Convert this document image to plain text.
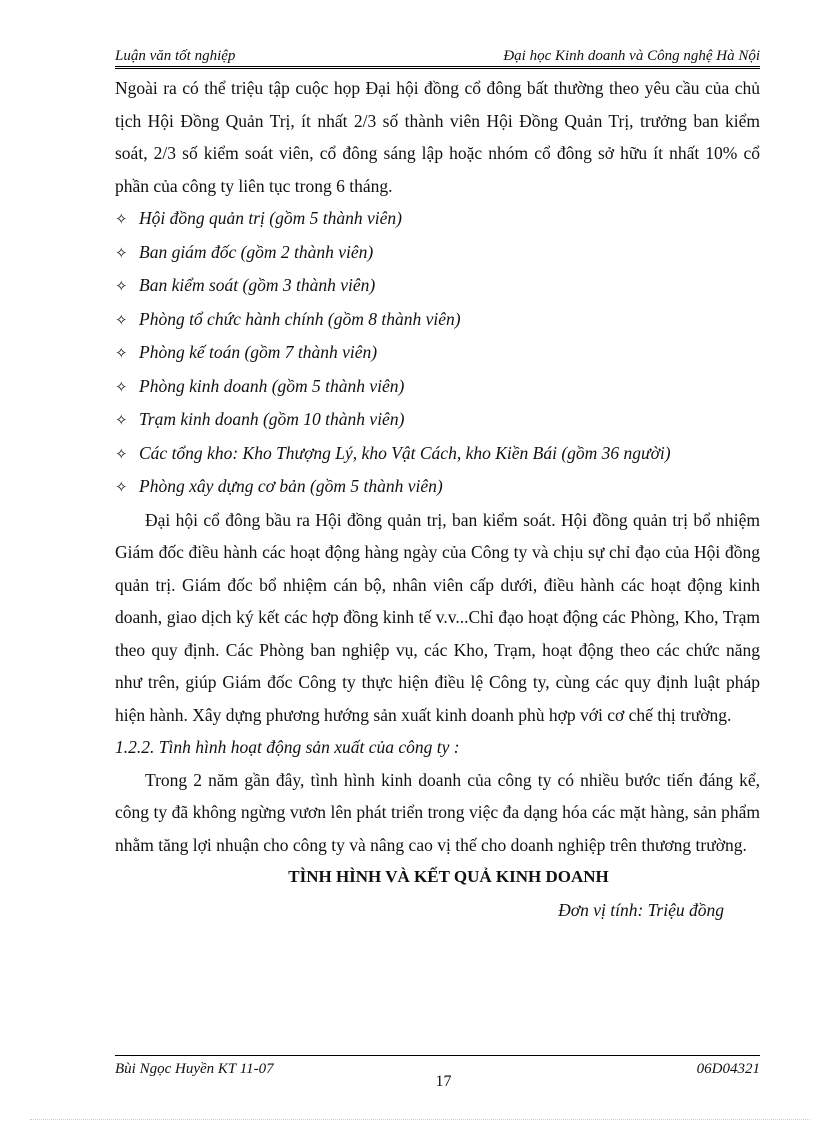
Luận văn tốt nghiệp	Đại học Kinh doanh và Công nghệ Hà Nội

Ngoài ra có thể triệu tập cuộc họp Đại hội đồng cổ đông bất thường theo yêu cầu của chủ tịch Hội Đồng Quản Trị, ít nhất 2/3 số thành viên Hội Đồng Quản Trị, trưởng ban kiểm soát, 2/3 số kiểm soát viên, cổ đông sáng lập hoặc nhóm cổ đông sở hữu ít nhất 10% cổ phần của công ty liên tục trong 6 tháng.

✧ Hội đồng quản trị (gồm 5 thành viên)
✧ Ban giám đốc (gồm 2 thành viên)
✧ Ban kiểm soát (gồm 3 thành viên)
✧ Phòng tổ chức hành chính (gồm 8 thành viên)
✧ Phòng kế toán (gồm 7 thành viên)
✧ Phòng kinh doanh (gồm 5 thành viên)
✧ Trạm kinh doanh (gồm 10 thành viên)
✧ Các tổng kho: Kho Thượng Lý, kho Vật Cách, kho Kiền Bái (gồm 36 người)
✧ Phòng xây dựng cơ bản (gồm 5 thành viên)

Đại hội cổ đông bầu ra Hội đồng quản trị, ban kiểm soát. Hội đồng quản trị bổ nhiệm Giám đốc điều hành các hoạt động hàng ngày của Công ty và chịu sự chỉ đạo của Hội đồng quản trị. Giám đốc bổ nhiệm cán bộ, nhân viên cấp dưới, điều hành các hoạt động kinh doanh, giao dịch ký kết các hợp đồng kinh tế v.v...Chỉ đạo hoạt động các Phòng, Kho, Trạm theo quy định. Các Phòng ban nghiệp vụ, các Kho, Trạm, hoạt động theo các chức năng như trên, giúp Giám đốc Công ty thực hiện điều lệ Công ty, cùng các quy định luật pháp hiện hành. Xây dựng phương hướng sản xuất kinh doanh phù hợp với cơ chế thị trường.

1.2.2. Tình hình hoạt động sản xuất của công ty :

Trong 2 năm gần đây, tình hình kinh doanh của công ty có nhiều bước tiến đáng kể, công ty đã không ngừng vươn lên phát triển trong việc đa dạng hóa các mặt hàng, sản phẩm nhằm tăng lợi nhuận cho công ty và nâng cao vị thế cho doanh nghiệp trên thương trường.

TÌNH HÌNH VÀ KẾT QUẢ KINH DOANH

Đơn vị tính: Triệu đồng

Bùi Ngọc Huyền KT 11-07
17
06D04321
